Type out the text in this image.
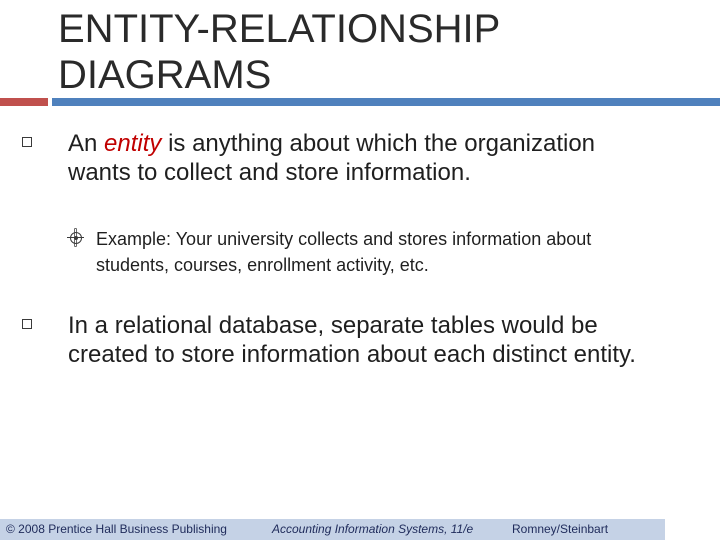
ENTITY-RELATIONSHIP
DIAGRAMS
An entity is anything about which the organization wants to collect and store information.
Example: Your university collects and stores information about students, courses, enrollment activity, etc.
In a relational database, separate tables would be created to store information about each distinct entity.
© 2008 Prentice Hall Business Publishing	Accounting Information Systems, 11/e	Romney/Steinbart
